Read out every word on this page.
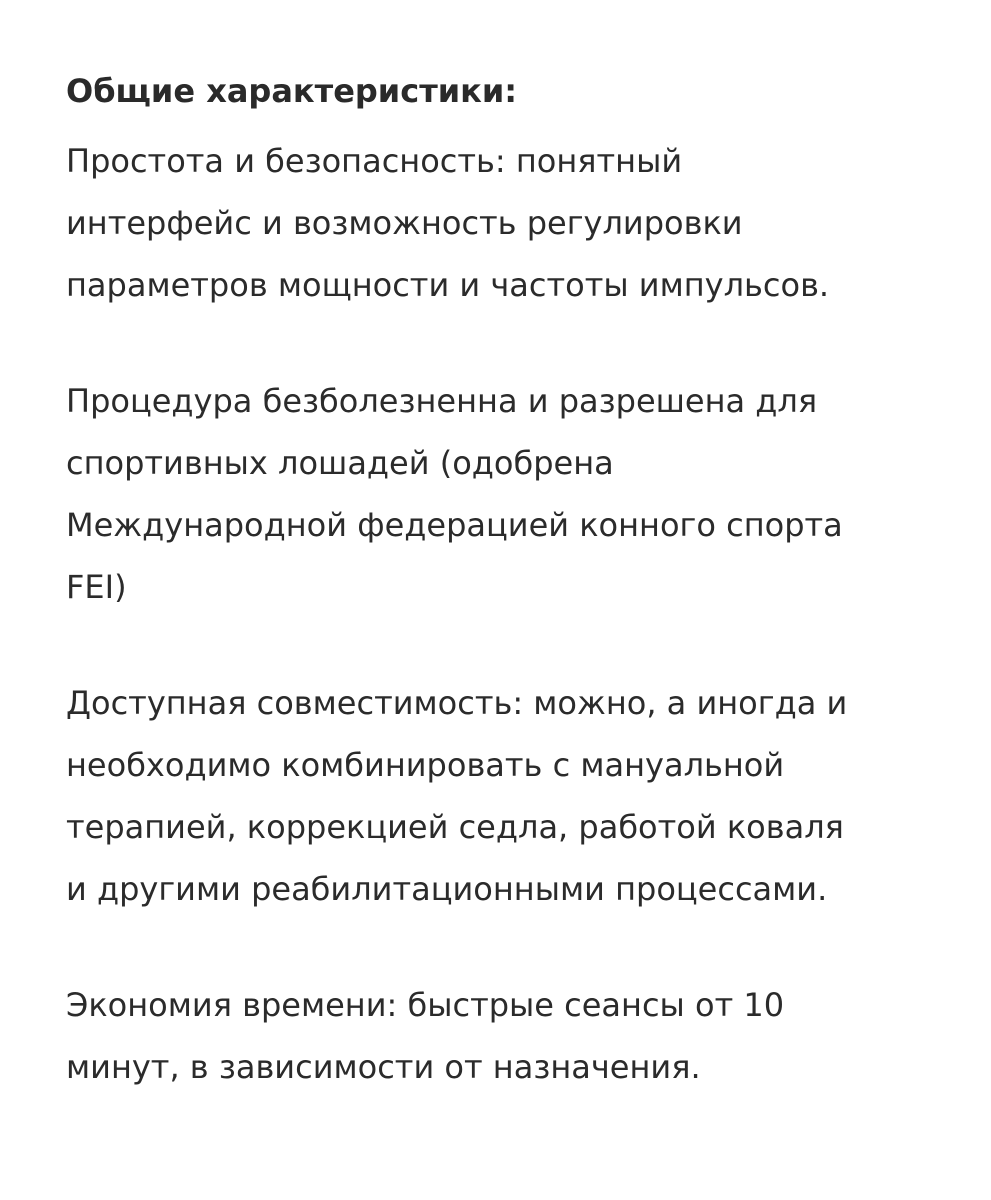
Общие характеристики:
Простота и безопасность: понятный
интерфейс и возможность регулировки
параметров мощности и частоты импульсов.
Процедура безболезненна и разрешена для
спортивных лошадей (одобрена
Международной федерацией конного спорта
FEI)
Доступная совместимость: можно, а иногда и
необходимо комбинировать с мануальной
терапией, коррекцией седла, работой коваля
и другими реабилитационными процессами.
Экономия времени: быстрые сеансы от 10
минут, в зависимости от назначения.
